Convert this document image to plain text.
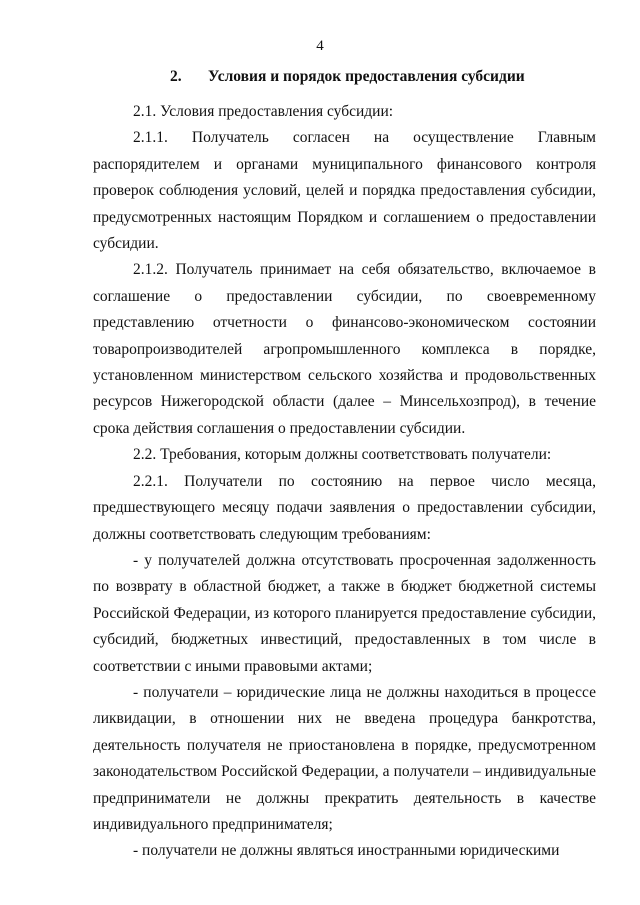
4
2. Условия и порядок предоставления субсидии

2.1. Условия предоставления субсидии:

2.1.1. Получатель согласен на осуществление Главным распорядителем и органами муниципального финансового контроля проверок соблюдения условий, целей и порядка предоставления субсидии, предусмотренных настоящим Порядком и соглашением о предоставлении субсидии.

2.1.2. Получатель принимает на себя обязательство, включаемое в соглашение о предоставлении субсидии, по своевременному представлению отчетности о финансово-экономическом состоянии товаропроизводителей агропромышленного комплекса в порядке, установленном министерством сельского хозяйства и продовольственных ресурсов Нижегородской области (далее – Минсельхозпрод), в течение срока действия соглашения о предоставлении субсидии.

2.2. Требования, которым должны соответствовать получатели:

2.2.1. Получатели по состоянию на первое число месяца, предшествующего месяцу подачи заявления о предоставлении субсидии, должны соответствовать следующим требованиям:

- у получателей должна отсутствовать просроченная задолженность по возврату в областной бюджет, а также в бюджет бюджетной системы Российской Федерации, из которого планируется предоставление субсидии, субсидий, бюджетных инвестиций, предоставленных в том числе в соответствии с иными правовыми актами;

- получатели – юридические лица не должны находиться в процессе ликвидации, в отношении них не введена процедура банкротства, деятельность получателя не приостановлена в порядке, предусмотренном законодательством Российской Федерации, а получатели – индивидуальные предприниматели не должны прекратить деятельность в качестве индивидуального предпринимателя;

- получатели не должны являться иностранными юридическими
